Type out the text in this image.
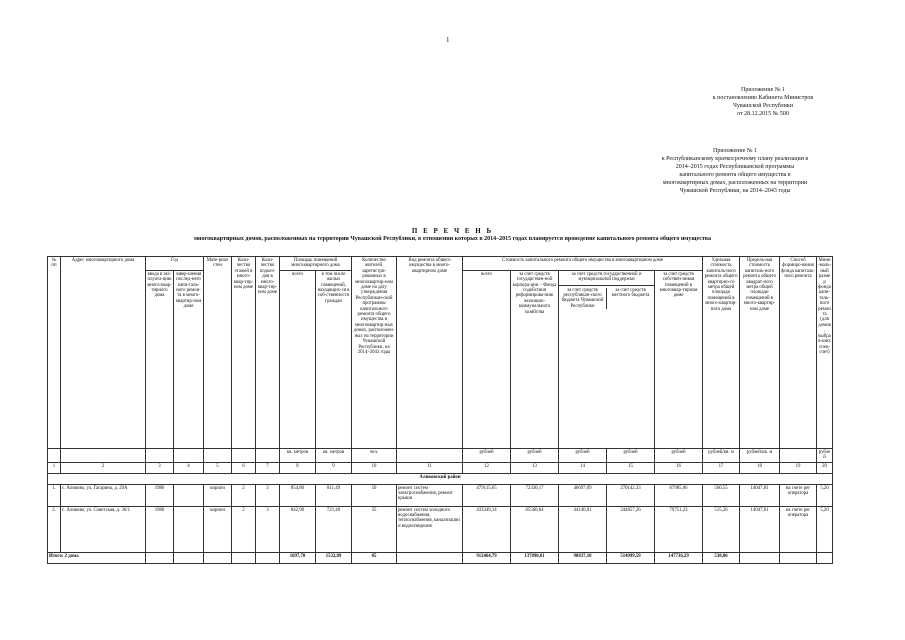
1
Приложение № 1
к постановлению Кабинета Министров
Чувашской Республики
от 28.12.2015 № 500
Приложение № 1
к Республиканскому краткосрочному плану реализации в
2014–2015 годах Республиканской программы
капитального ремонта общего имущества в
многоквартирных домах, расположенных на территории
Чувашской Республики, на 2014–2043 годы
П Е Р Е Ч Е Н Ь
многоквартирных домов, расположенных на территории Чувашской Республики, в отношении которых в 2014–2015 годах планируется проведение капитального ремонта общего имущества
№ пп	Адрес многоквартирного дома	Год		Мате-риал стен	Коли-чество этажей в много-квар-тир-ном доме	Коли-чество подъез-дов в много-квар-тир-ном доме	Площадь помещений многоквартирного дома		Количество жителей, зарегистри-рованных в многоквартир-ном доме на дату утверждения Республикан-ской программы капитального ремонта общего имущества в многоквартир-ных домах, расположен-ных на территории Чувашской Республики, на 2014–2043 годы	Вид ремонта общего имущества в много-квартирном доме	Стоимость капитального ремонта общего имущества в многоквартирном доме					Удельная стоимость капиталь-ного ремонта общего квартирно-го метра общей площади помещений в много-квартир-ного дома	Предель-ная стоимость капиталь-ного ремонта общего квадрат-ного метра общей площади помещений в много-квартир-ном доме	Способ формиро-вания фонда капиталь-ного ремонта	Мини-маль-ный размер фонда капи-таль-ного ремонта (для домов, выбрав-ших спец-счет)
		ввода в экс-плуата-цию много-квар-тирного дома	завер-шения послед-него капи-таль-ного ремон-та в много-квартир-ном доме				всего	в том числе жилых помещений, находящих-ся в соб-ственности граждан			всего	за счет средств государствен-ной корпора-ции – Фонда содействия реформирова-нию жилищно-коммунального хозяйства	за счет средств государственной и муниципальной поддержки
за счет средств республикан-ского бюджета Чувашской Республики
за счет средств местного бюджета		за счет средств собствен-ников помещений в многоквар-тирном доме				
							кв. метров	кв. метров	чел.		рублей	рублей	рублей	рублей	рублей	рублей/кв. м	рублей/кв. м		рублей
1	2	3	4	5	6	7	8	9	10	11	12	13	14	15	16	17	18	19	20
Аликовский район																			
1.	с. Аликово, ул. Гагарина, д. 29А	1986		кирпич	2	3	854,80	811,49	50	ремонт систем электроснабжения, ремонт крыши	479115,65	72330,17	46697,09	270142,33	67985,06	560,55	14047,81	на счете рег оператора	5,20
2.	с. Аликово, ул. Советская, д. 36/1	1980		кирпич	2	3	842,90	721,40	35	ремонт систем холодного водоснабжения, теплоснабжения, канализации и водоотведения	433349,14	65560,64	44140,01	244857,26	79751,23	515,26	14047,81	на счете рег оператора	5,20
Итого: 2 дома							1697,70	1532,89	85		912464,79	137890,81	90837,10	514999,59	147736,29	538,06			
